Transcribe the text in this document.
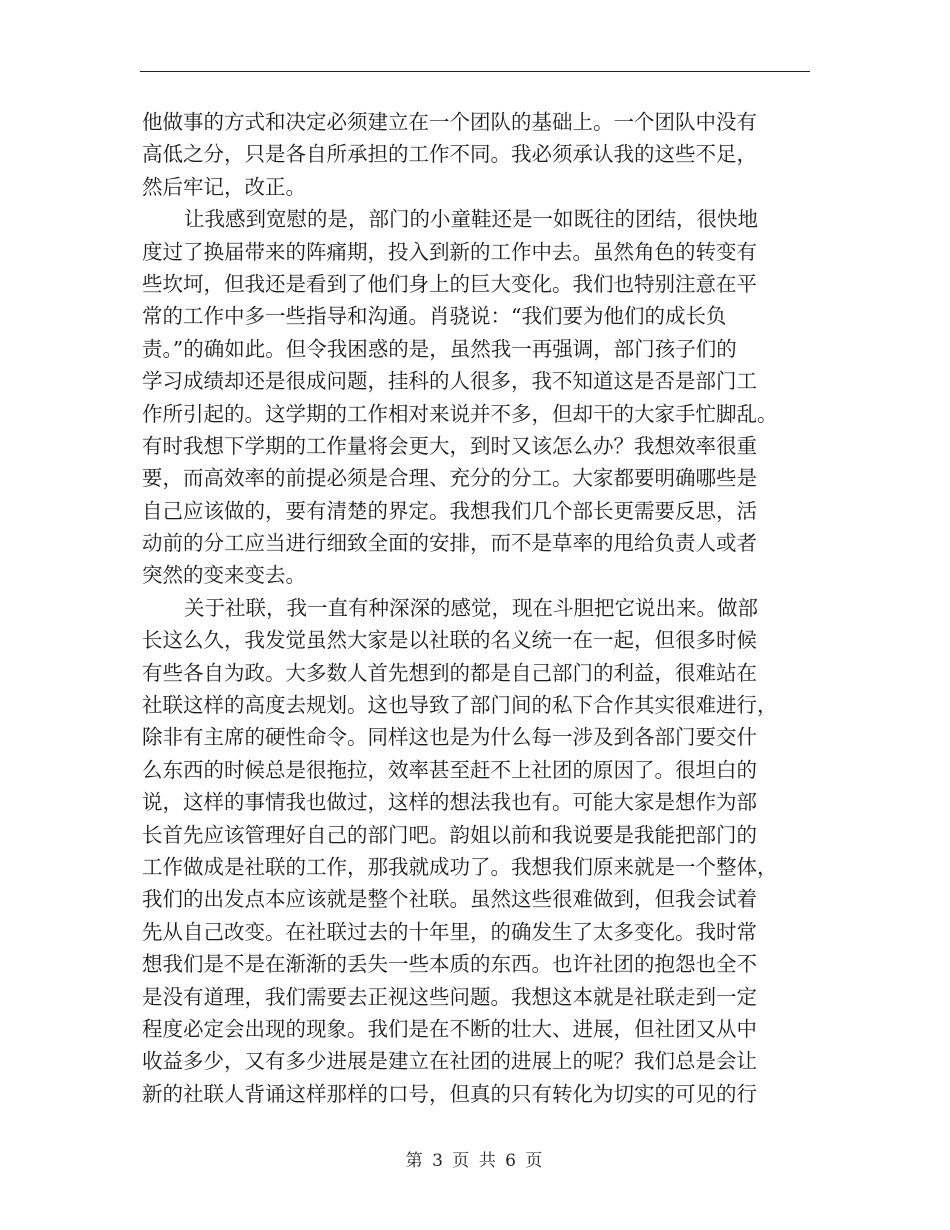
他做事的方式和决定必须建立在一个团队的基础上。一个团队中没有
高低之分，只是各自所承担的工作不同。我必须承认我的这些不足，
然后牢记，改正。
让我感到宽慰的是，部门的小童鞋还是一如既往的团结，很快地
度过了换届带来的阵痛期，投入到新的工作中去。虽然角色的转变有
些坎坷，但我还是看到了他们身上的巨大变化。我们也特别注意在平
常的工作中多一些指导和沟通。肖骁说：“我们要为他们的成长负
责。”的确如此。但令我困惑的是，虽然我一再强调，部门孩子们的
学习成绩却还是很成问题，挂科的人很多，我不知道这是否是部门工
作所引起的。这学期的工作相对来说并不多，但却干的大家手忙脚乱。
有时我想下学期的工作量将会更大，到时又该怎么办？我想效率很重
要，而高效率的前提必须是合理、充分的分工。大家都要明确哪些是
自己应该做的，要有清楚的界定。我想我们几个部长更需要反思，活
动前的分工应当进行细致全面的安排，而不是草率的甩给负责人或者
突然的变来变去。
关于社联，我一直有种深深的感觉，现在斗胆把它说出来。做部
长这么久，我发觉虽然大家是以社联的名义统一在一起，但很多时候
有些各自为政。大多数人首先想到的都是自己部门的利益，很难站在
社联这样的高度去规划。这也导致了部门间的私下合作其实很难进行，
除非有主席的硬性命令。同样这也是为什么每一涉及到各部门要交什
么东西的时候总是很拖拉，效率甚至赶不上社团的原因了。很坦白的
说，这样的事情我也做过，这样的想法我也有。可能大家是想作为部
长首先应该管理好自己的部门吧。韵姐以前和我说要是我能把部门的
工作做成是社联的工作，那我就成功了。我想我们原来就是一个整体，
我们的出发点本应该就是整个社联。虽然这些很难做到，但我会试着
先从自己改变。在社联过去的十年里，的确发生了太多变化。我时常
想我们是不是在渐渐的丢失一些本质的东西。也许社团的抱怨也全不
是没有道理，我们需要去正视这些问题。我想这本就是社联走到一定
程度必定会出现的现象。我们是在不断的壮大、进展，但社团又从中
收益多少，又有多少进展是建立在社团的进展上的呢？我们总是会让
新的社联人背诵这样那样的口号，但真的只有转化为切实的可见的行
第 3 页 共 6 页
